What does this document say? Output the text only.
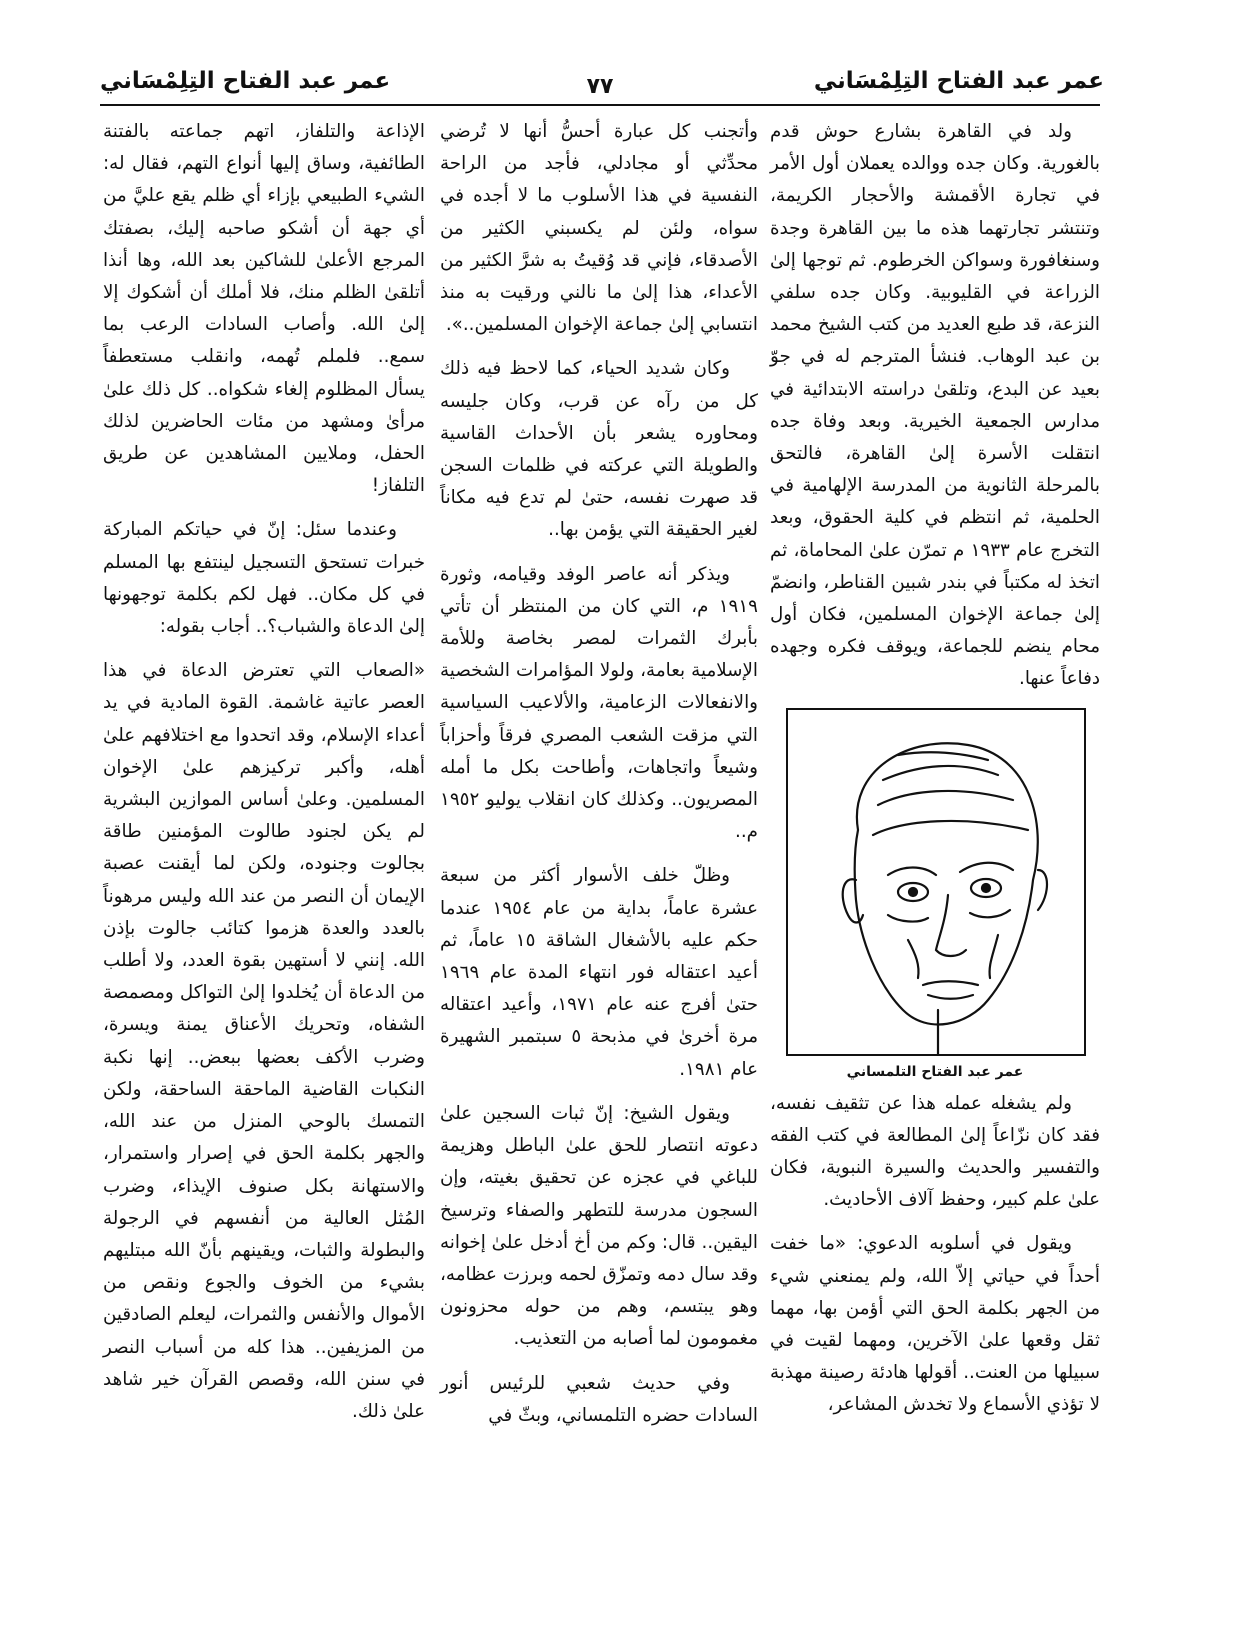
عمر عبد الفتاح التِلِمْسَاني
٧٧
عمر عبد الفتاح التِلِمْسَاني

ولد في القاهرة بشارع حوش قدم بالغورية. وكان جده ووالده يعملان أول الأمر في تجارة الأقمشة والأحجار الكريمة، وتنتشر تجارتهما هذه ما بين القاهرة وجدة وسنغافورة وسواكن الخرطوم. ثم توجها إلىٰ الزراعة في القليوبية. وكان جده سلفي النزعة، قد طبع العديد من كتب الشيخ محمد بن عبد الوهاب. فنشأ المترجم له في جوّ بعيد عن البدع، وتلقىٰ دراسته الابتدائية في مدارس الجمعية الخيرية. وبعد وفاة جده انتقلت الأسرة إلىٰ القاهرة، فالتحق بالمرحلة الثانوية من المدرسة الإلهامية في الحلمية، ثم انتظم في كلية الحقوق، وبعد التخرج عام ١٩٣٣ م تمرّن علىٰ المحاماة، ثم اتخذ له مكتباً في بندر شبين القناطر، وانضمّ إلىٰ جماعة الإخوان المسلمين، فكان أول محام ينضم للجماعة، ويوقف فكره وجهده دفاعاً عنها.

عمر عبد الفتاح التلمساني

ولم يشغله عمله هذا عن تثقيف نفسه، فقد كان نزّاعاً إلىٰ المطالعة في كتب الفقه والتفسير والحديث والسيرة النبوية، فكان علىٰ علم كبير، وحفظ آلاف الأحاديث.

ويقول في أسلوبه الدعوي: «ما خفت أحداً في حياتي إلاّ الله، ولم يمنعني شيء من الجهر بكلمة الحق التي أؤمن بها، مهما ثقل وقعها علىٰ الآخرين، ومهما لقيت في سبيلها من العنت.. أقولها هادئة رصينة مهذبة لا تؤذي الأسماع ولا تخدش المشاعر،

وأتجنب كل عبارة أحسُّ أنها لا تُرضي محدِّثي أو مجادلي، فأجد من الراحة النفسية في هذا الأسلوب ما لا أجده في سواه، ولئن لم يكسبني الكثير من الأصدقاء، فإني قد وُقيتُ به شرَّ الكثير من الأعداء، هذا إلىٰ ما نالني ورقيت به منذ انتسابي إلىٰ جماعة الإخوان المسلمين..».

وكان شديد الحياء، كما لاحظ فيه ذلك كل من رآه عن قرب، وكان جليسه ومحاوره يشعر بأن الأحداث القاسية والطويلة التي عركته في ظلمات السجن قد صهرت نفسه، حتىٰ لم تدع فيه مكاناً لغير الحقيقة التي يؤمن بها..

ويذكر أنه عاصر الوفد وقيامه، وثورة ١٩١٩ م، التي كان من المنتظر أن تأتي بأبرك الثمرات لمصر بخاصة وللأمة الإسلامية بعامة، ولولا المؤامرات الشخصية والانفعالات الزعامية، والألاعيب السياسية التي مزقت الشعب المصري فرقاً وأحزاباً وشيعاً واتجاهات، وأطاحت بكل ما أمله المصريون.. وكذلك كان انقلاب يوليو ١٩٥٢ م..

وظلّ خلف الأسوار أكثر من سبعة عشرة عاماً، بداية من عام ١٩٥٤ عندما حكم عليه بالأشغال الشاقة ١٥ عاماً، ثم أعيد اعتقاله فور انتهاء المدة عام ١٩٦٩ حتىٰ أفرج عنه عام ١٩٧١، وأعيد اعتقاله مرة أخرىٰ في مذبحة ٥ سبتمبر الشهيرة عام ١٩٨١.

ويقول الشيخ: إنّ ثبات السجين علىٰ دعوته انتصار للحق علىٰ الباطل وهزيمة للباغي في عجزه عن تحقيق بغيته، وإن السجون مدرسة للتطهر والصفاء وترسيخ اليقين.. قال: وكم من أخ أدخل علىٰ إخوانه وقد سال دمه وتمزّق لحمه وبرزت عظامه، وهو يبتسم، وهم من حوله محزونون مغمومون لما أصابه من التعذيب.

وفي حديث شعبي للرئيس أنور السادات حضره التلمساني، وبثّ في

الإذاعة والتلفاز، اتهم جماعته بالفتنة الطائفية، وساق إليها أنواع التهم، فقال له: الشيء الطبيعي بإزاء أي ظلم يقع عليَّ من أي جهة أن أشكو صاحبه إليك، بصفتك المرجع الأعلىٰ للشاكين بعد الله، وها أنذا أتلقىٰ الظلم منك، فلا أملك أن أشكوك إلا إلىٰ الله. وأصاب السادات الرعب بما سمع.. فلملم تُهمه، وانقلب مستعطفاً يسأل المظلوم إلغاء شكواه.. كل ذلك علىٰ مرأىٰ ومشهد من مئات الحاضرين لذلك الحفل، وملايين المشاهدين عن طريق التلفاز!

وعندما سئل: إنّ في حياتكم المباركة خبرات تستحق التسجيل لينتفع بها المسلم في كل مكان.. فهل لكم بكلمة توجهونها إلىٰ الدعاة والشباب؟.. أجاب بقوله:

«الصعاب التي تعترض الدعاة في هذا العصر عاتية غاشمة. القوة المادية في يد أعداء الإسلام، وقد اتحدوا مع اختلافهم علىٰ أهله، وأكبر تركيزهم علىٰ الإخوان المسلمين. وعلىٰ أساس الموازين البشرية لم يكن لجنود طالوت المؤمنين طاقة بجالوت وجنوده، ولكن لما أيقنت عصبة الإيمان أن النصر من عند الله وليس مرهوناً بالعدد والعدة هزموا كتائب جالوت بإذن الله. إنني لا أستهين بقوة العدد، ولا أطلب من الدعاة أن يُخلدوا إلىٰ التواكل ومصمصة الشفاه، وتحريك الأعناق يمنة ويسرة، وضرب الأكف بعضها ببعض.. إنها نكبة النكبات القاضية الماحقة الساحقة، ولكن التمسك بالوحي المنزل من عند الله، والجهر بكلمة الحق في إصرار واستمرار، والاستهانة بكل صنوف الإيذاء، وضرب المُثل العالية من أنفسهم في الرجولة والبطولة والثبات، ويقينهم بأنّ الله مبتليهم بشيء من الخوف والجوع ونقص من الأموال والأنفس والثمرات، ليعلم الصادقين من المزيفين.. هذا كله من أسباب النصر في سنن الله، وقصص القرآن خير شاهد علىٰ ذلك.
